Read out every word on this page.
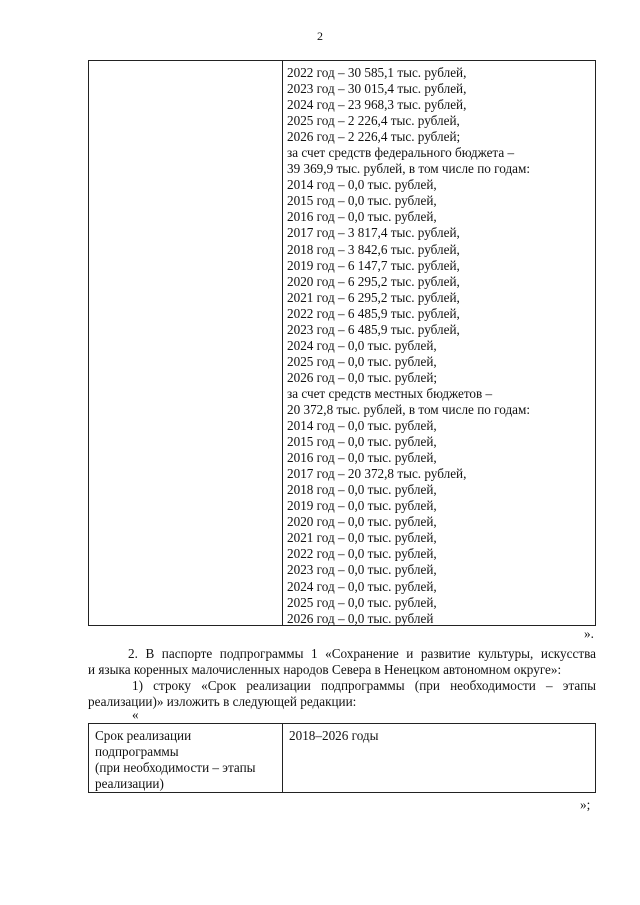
2
2022 год – 30 585,1 тыс. рублей,
2023 год – 30 015,4 тыс. рублей,
2024 год – 23 968,3 тыс. рублей,
2025 год – 2 226,4 тыс. рублей,
2026 год – 2 226,4 тыс. рублей;
за счет средств федерального бюджета –
39 369,9 тыс. рублей, в том числе по годам:
2014 год – 0,0 тыс. рублей,
2015 год – 0,0 тыс. рублей,
2016 год – 0,0 тыс. рублей,
2017 год – 3 817,4 тыс. рублей,
2018 год – 3 842,6 тыс. рублей,
2019 год – 6 147,7 тыс. рублей,
2020 год – 6 295,2 тыс. рублей,
2021 год – 6 295,2 тыс. рублей,
2022 год – 6 485,9 тыс. рублей,
2023 год – 6 485,9 тыс. рублей,
2024 год – 0,0 тыс. рублей,
2025 год – 0,0 тыс. рублей,
2026 год – 0,0 тыс. рублей;
за счет средств местных бюджетов –
20 372,8 тыс. рублей, в том числе по годам:
2014 год – 0,0 тыс. рублей,
2015 год – 0,0 тыс. рублей,
2016 год – 0,0 тыс. рублей,
2017 год – 20 372,8 тыс. рублей,
2018 год – 0,0 тыс. рублей,
2019 год – 0,0 тыс. рублей,
2020 год – 0,0 тыс. рублей,
2021 год – 0,0 тыс. рублей,
2022 год – 0,0 тыс. рублей,
2023 год – 0,0 тыс. рублей,
2024 год – 0,0 тыс. рублей,
2025 год – 0,0 тыс. рублей,
2026 год – 0,0 тыс. рублей
».
2. В паспорте подпрограммы 1 «Сохранение и развитие культуры, искусства
и языка коренных малочисленных народов Севера в Ненецком автономном округе»:
1) строку «Срок реализации подпрограммы (при необходимости – этапы
реализации)» изложить в следующей редакции:
«
Срок реализации
подпрограммы
(при необходимости – этапы
реализации)
2018–2026 годы
»;
